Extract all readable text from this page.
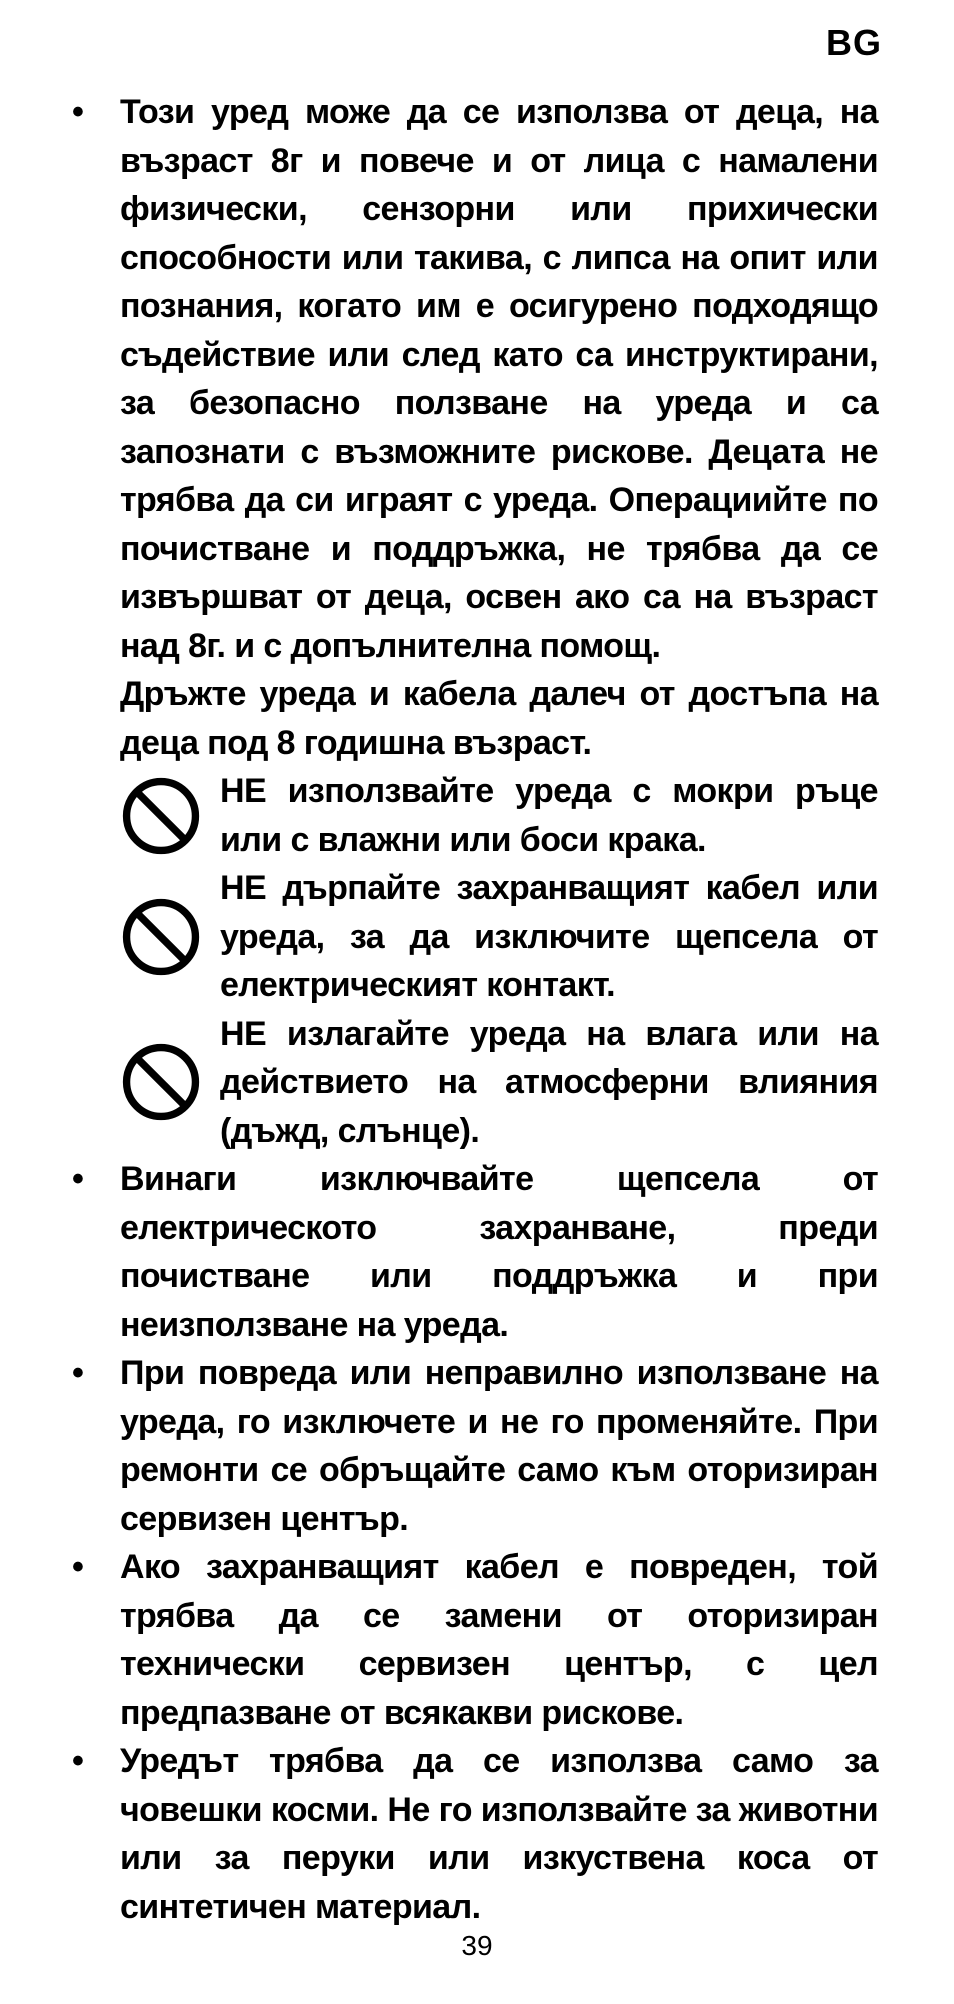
BG
• Този уред може да се използва от деца, на възраст 8г и повече и от лица с намалени физически, сензорни или прихически способности или такива, с липса на опит или познания, когато им е осигурено подходящо съдействие или след като са инструктирани, за безопасно ползване на уреда и са запознати с възможните рискове. Децата не трябва да си играят с уреда. Операциийте по почистване и поддръжка, не трябва да се извършват от деца, освен ако са на възраст над 8г. и с допълнителна помощ.
Дръжте уреда и кабела далеч от достъпа на деца под 8 годишна възраст.
НЕ използвайте уреда с мокри ръце или с влажни или боси крака.
НЕ дърпайте захранващият кабел или уреда, за да изключите щепсела от електрическият контакт.
НЕ излагайте уреда на влага или на действието на атмосферни влияния (дъжд, слънце).
• Винаги изключвайте щепсела от електрическото захранване, преди почистване или поддръжка и при неизползване на уреда.
• При повреда или неправилно използване на уреда, го изключете и не го променяйте. При ремонти се обръщайте само към оторизиран сервизен център.
• Ако захранващият кабел е повреден, той трябва да се замени от оторизиран технически сервизен център, с цел предпазване от всякакви рискове.
• Уредът трябва да се използва само за човешки косми. Не го използвайте за животни или за перуки или изкуствена коса от синтетичен материал.
39
